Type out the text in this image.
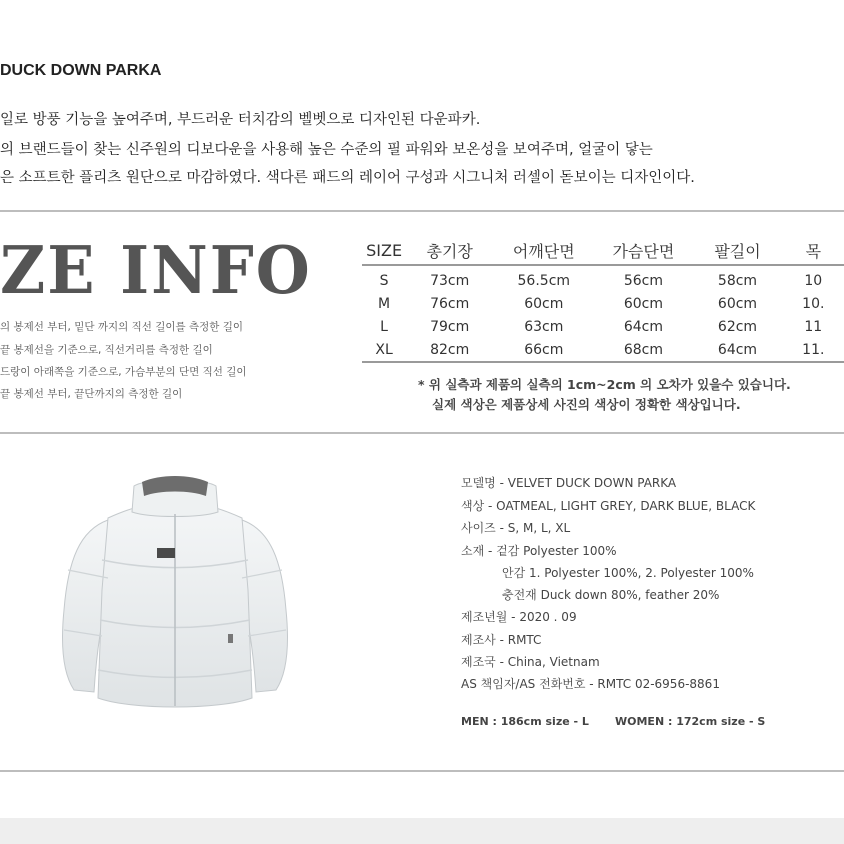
DUCK DOWN PARKA
일로 방풍 기능을 높여주며, 부드러운 터치감의 벨벳으로 디자인된 다운파카.
의 브랜드들이 찾는 신주원의 디보다운을 사용해 높은 수준의 필 파워와 보온성을 보여주며, 얼굴이 닿는
은 소프트한 플리츠 원단으로 마감하였다. 색다른 패드의 레이어 구성과 시그니처 러셀이 돋보이는 디자인이다.
ZE INFO
의 봉제선 부터, 밑단 까지의 직선 길이를 측정한 길이
끝 봉제선을 기준으로, 직선거리를 측정한 길이
드랑이 아래쪽을 기준으로, 가슴부분의 단면 직선 길이
끝 봉제선 부터, 끝단까지의 측정한 길이
SIZE	총기장	어깨단면	가슴단면	팔길이	목
S	73cm	56.5cm	56cm	58cm	10
M	76cm	60cm	60cm	60cm	10.
L	79cm	63cm	64cm	62cm	11
XL	82cm	66cm	68cm	64cm	11.
* 위 실측과 제품의 실측의 1cm~2cm 의 오차가 있을수 있습니다.
실제 색상은 제품상세 사진의 색상이 정확한 색상입니다.
모델명 - VELVET DUCK DOWN PARKA
색상 - OATMEAL, LIGHT GREY, DARK BLUE, BLACK
사이즈 - S, M, L, XL
소재 - 겉감 Polyester 100%
안감 1. Polyester 100%, 2. Polyester 100%
충전재 Duck down 80%, feather 20%
제조년월 - 2020 . 09
제조사 - RMTC
제조국 - China, Vietnam
AS 책임자/AS 전화번호 - RMTC 02-6956-8861
MEN : 186cm size - L WOMEN : 172cm size - S
